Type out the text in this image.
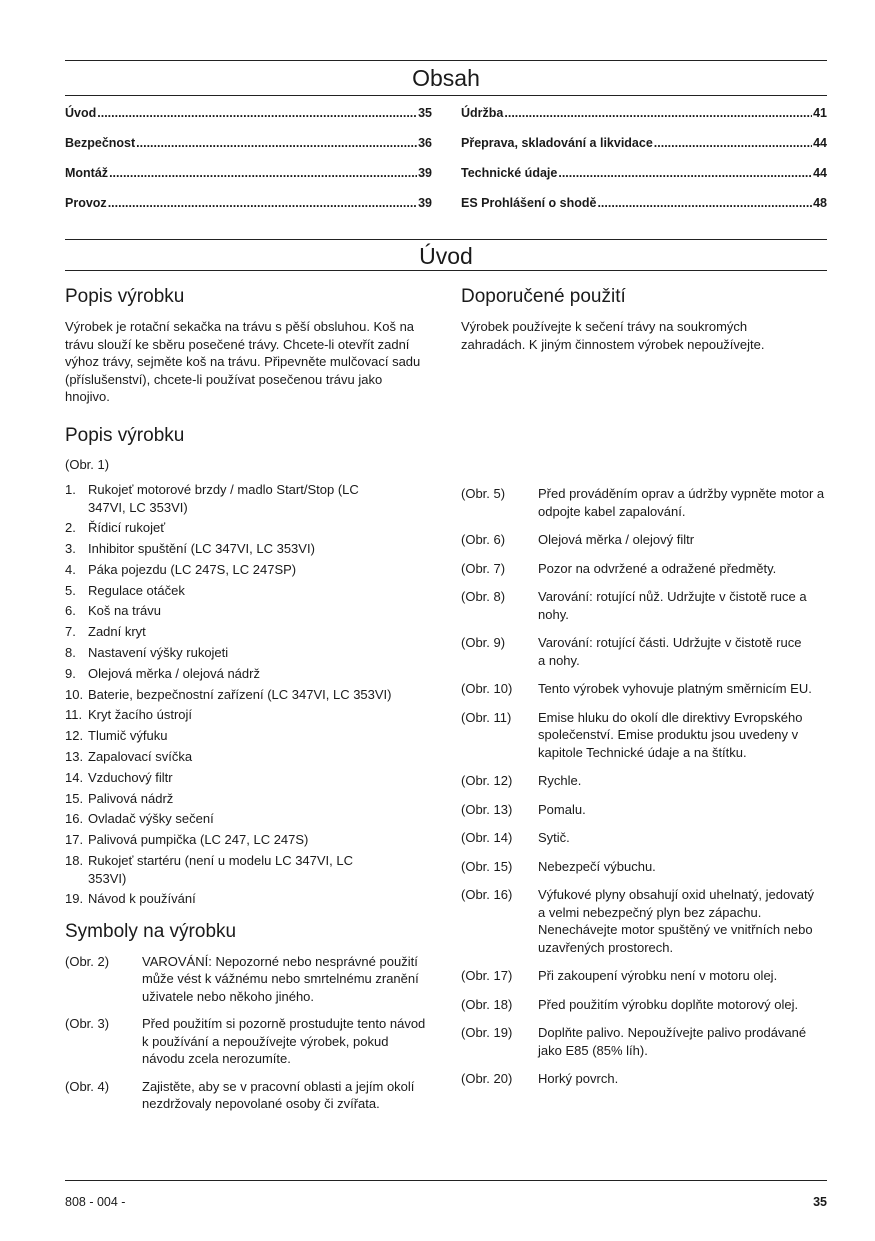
Obsah
Úvod .....	35
Bezpečnost .....	36
Montáž .....	39
Provoz .....	39
Údržba .....	41
Přeprava, skladování a likvidace .....	44
Technické údaje .....	44
ES Prohlášení o shodě .....	48
Úvod
Popis výrobku

Výrobek je rotační sekačka na trávu s pěší obsluhou. Koš na trávu slouží ke sběru posečené trávy. Chcete-li otevřít zadní výhoz trávy, sejměte koš na trávu. Připevněte mulčovací sadu (příslušenství), chcete-li používat posečenou trávu jako hnojivo.

Popis výrobku

(Obr. 1)

1. Rukojeť motorové brzdy / madlo Start/Stop (LC 347VI, LC 353VI)
2. Řídicí rukojeť
3. Inhibitor spuštění (LC 347VI, LC 353VI)
4. Páka pojezdu (LC 247S, LC 247SP)
5. Regulace otáček
6. Koš na trávu
7. Zadní kryt
8. Nastavení výšky rukojeti
9. Olejová měrka / olejová nádrž
10. Baterie, bezpečnostní zařízení (LC 347VI, LC 353VI)
11. Kryt žacího ústrojí
12. Tlumič výfuku
13. Zapalovací svíčka
14. Vzduchový filtr
15. Palivová nádrž
16. Ovladač výšky sečení
17. Palivová pumpička (LC 247, LC 247S)
18. Rukojeť startéru (není u modelu LC 347VI, LC 353VI)
19. Návod k používání
Symboly na výrobku
(Obr. 2)	VAROVÁNÍ: Nepozorné nebo nesprávné použití může vést k vážnému nebo smrtelnému zranění uživatele nebo někoho jiného.
(Obr. 3)	Před použitím si pozorně prostudujte tento návod k používání a nepoužívejte výrobek, pokud návodu zcela nerozumíte.
(Obr. 4)	Zajistěte, aby se v pracovní oblasti a jejím okolí nezdržovaly nepovolané osoby či zvířata.
Doporučené použití

Výrobek používejte k sečení trávy na soukromých zahradách. K jiným činnostem výrobek nepoužívejte.

(Obr. 5)	Před prováděním oprav a údržby vypněte motor a odpojte kabel zapalování.
(Obr. 6)	Olejová měrka / olejový filtr
(Obr. 7)	Pozor na odvržené a odražené předměty.
(Obr. 8)	Varování: rotující nůž. Udržujte v čistotě ruce a nohy.
(Obr. 9)	Varování: rotující části. Udržujte v čistotě ruce a nohy.
(Obr. 10)	Tento výrobek vyhovuje platným směrnicím EU.
(Obr. 11)	Emise hluku do okolí dle direktivy Evropského společenství. Emise produktu jsou uvedeny v kapitole Technické údaje a na štítku.
(Obr. 12)	Rychle.
(Obr. 13)	Pomalu.
(Obr. 14)	Sytič.
(Obr. 15)	Nebezpečí výbuchu.
(Obr. 16)	Výfukové plyny obsahují oxid uhelnatý, jedovatý a velmi nebezpečný plyn bez zápachu. Nenechávejte motor spuštěný ve vnitřních nebo uzavřených prostorech.
(Obr. 17)	Při zakoupení výrobku není v motoru olej.
(Obr. 18)	Před použitím výrobku doplňte motorový olej.
(Obr. 19)	Doplňte palivo. Nepoužívejte palivo prodávané jako E85 (85% líh).
(Obr. 20)	Horký povrch.
808 - 004 -	35
